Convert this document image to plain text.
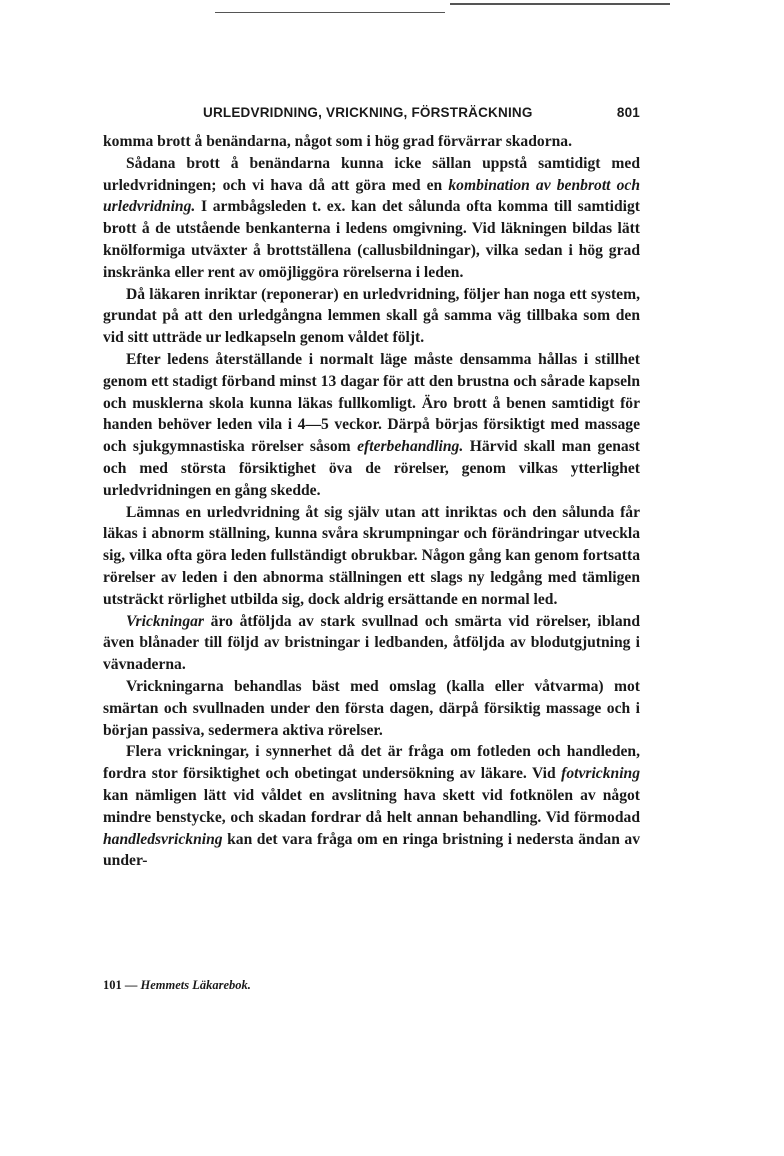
URLEDVRIDNING, VRICKNING, FÖRSTRÄCKNING	801

komma brott å benändarna, något som i hög grad förvärrar skadorna.

Sådana brott å benändarna kunna icke sällan uppstå samtidigt med urledvridningen; och vi hava då att göra med en kombination av benbrott och urledvridning. I armbågsleden t. ex. kan det sålunda ofta komma till samtidigt brott å de utstående benkanterna i ledens omgivning. Vid läkningen bildas lätt knölformiga utväxter å brottställena (callusbildningar), vilka sedan i hög grad inskränka eller rent av omöjliggöra rörelserna i leden.

Då läkaren inriktar (reponerar) en urledvridning, följer han noga ett system, grundat på att den urledgångna lemmen skall gå samma väg tillbaka som den vid sitt utträde ur ledkapseln genom våldet följt.

Efter ledens återställande i normalt läge måste densamma hållas i stillhet genom ett stadigt förband minst 13 dagar för att den brustna och sårade kapseln och musklerna skola kunna läkas fullkomligt. Äro brott å benen samtidigt för handen behöver leden vila i 4—5 veckor. Därpå börjas försiktigt med massage och sjukgymnastiska rörelser såsom efterbehandling. Härvid skall man genast och med största försiktighet öva de rörelser, genom vilkas ytterlighet urledvridningen en gång skedde.

Lämnas en urledvridning åt sig själv utan att inriktas och den sålunda får läkas i abnorm ställning, kunna svåra skrumpningar och förändringar utveckla sig, vilka ofta göra leden fullständigt obrukbar. Någon gång kan genom fortsatta rörelser av leden i den abnorma ställningen ett slags ny ledgång med tämligen utsträckt rörlighet utbilda sig, dock aldrig ersättande en normal led.

Vrickningar äro åtföljda av stark svullnad och smärta vid rörelser, ibland även blånader till följd av bristningar i ledbanden, åtföljda av blodutgjutning i vävnaderna.

Vrickningarna behandlas bäst med omslag (kalla eller våtvarma) mot smärtan och svullnaden under den första dagen, därpå försiktig massage och i början passiva, sedermera aktiva rörelser.

Flera vrickningar, i synnerhet då det är fråga om fotleden och handleden, fordra stor försiktighet och obetingat undersökning av läkare. Vid fotvrickning kan nämligen lätt vid våldet en avslitning hava skett vid fotknölen av något mindre benstycke, och skadan fordrar då helt annan behandling. Vid förmodad handledsvrickning kan det vara fråga om en ringa bristning i nedersta ändan av under-

101 — Hemmets Läkarebok.
